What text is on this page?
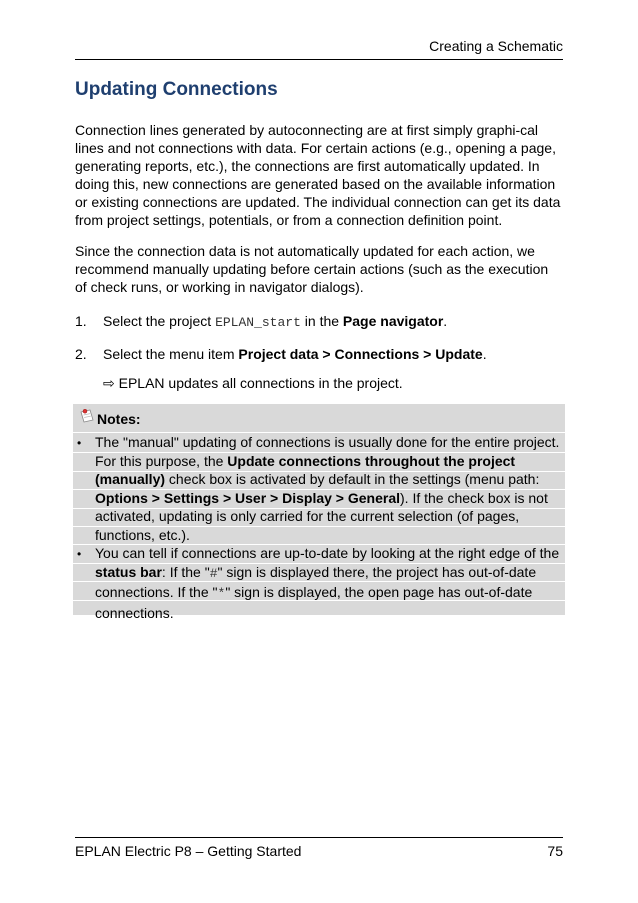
Creating a Schematic
Updating Connections
Connection lines generated by autoconnecting are at first simply graphi-cal lines and not connections with data. For certain actions (e.g., opening a page, generating reports, etc.), the connections are first automatically updated. In doing this, new connections are generated based on the available information or existing connections are updated. The individual connection can get its data from project settings, potentials, or from a connection definition point.
Since the connection data is not automatically updated for each action, we recommend manually updating before certain actions (such as the execution of check runs, or working in navigator dialogs).
1. Select the project EPLAN_start in the Page navigator.
2. Select the menu item Project data > Connections > Update.
⇨ EPLAN updates all connections in the project.
Notes:
• The "manual" updating of connections is usually done for the entire project. For this purpose, the Update connections throughout the project (manually) check box is activated by default in the settings (menu path: Options > Settings > User > Display > General). If the check box is not activated, updating is only carried for the current selection (of pages, functions, etc.).
• You can tell if connections are up-to-date by looking at the right edge of the status bar: If the "#" sign is displayed there, the project has out-of-date connections. If the "*" sign is displayed, the open page has out-of-date connections.
EPLAN Electric P8 – Getting Started	75
